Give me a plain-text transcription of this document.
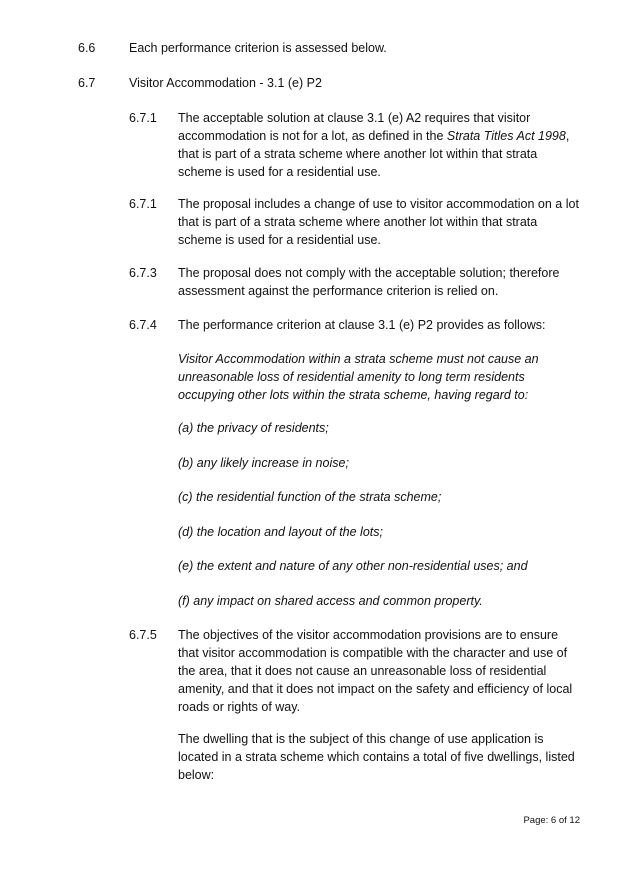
6.6	Each performance criterion is assessed below.

6.7	Visitor Accommodation - 3.1 (e) P2

6.7.1 The acceptable solution at clause 3.1 (e) A2 requires that visitor accommodation is not for a lot, as defined in the Strata Titles Act 1998, that is part of a strata scheme where another lot within that strata scheme is used for a residential use.

6.7.1 The proposal includes a change of use to visitor accommodation on a lot that is part of a strata scheme where another lot within that strata scheme is used for a residential use.

6.7.3 The proposal does not comply with the acceptable solution; therefore assessment against the performance criterion is relied on.

6.7.4 The performance criterion at clause 3.1 (e) P2 provides as follows:

Visitor Accommodation within a strata scheme must not cause an unreasonable loss of residential amenity to long term residents occupying other lots within the strata scheme, having regard to:

(a) the privacy of residents;

(b) any likely increase in noise;

(c) the residential function of the strata scheme;

(d) the location and layout of the lots;

(e) the extent and nature of any other non-residential uses; and

(f) any impact on shared access and common property.

6.7.5 The objectives of the visitor accommodation provisions are to ensure that visitor accommodation is compatible with the character and use of the area, that it does not cause an unreasonable loss of residential amenity, and that it does not impact on the safety and efficiency of local roads or rights of way.

The dwelling that is the subject of this change of use application is located in a strata scheme which contains a total of five dwellings, listed below:

Page: 6 of 12
